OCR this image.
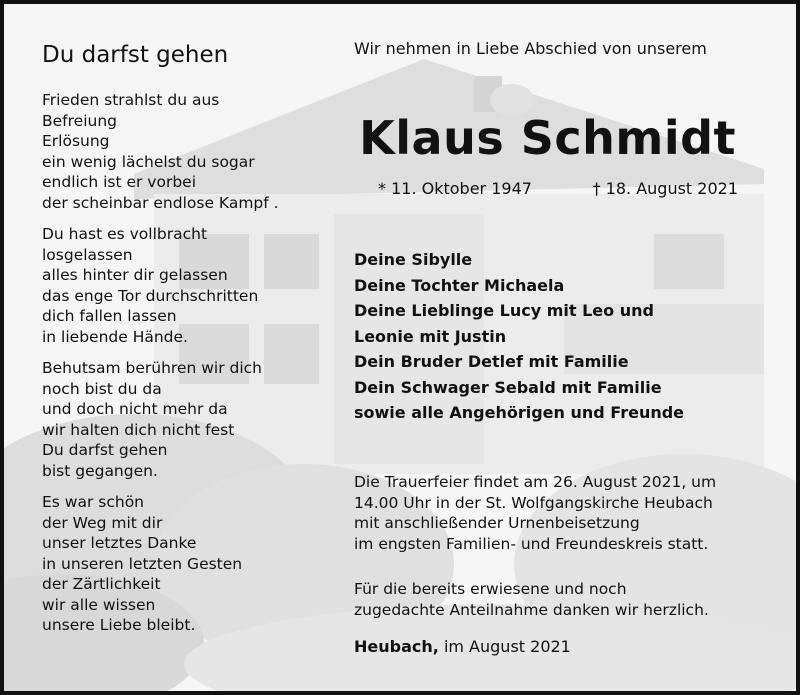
Du darfst gehen
Frieden strahlst du aus
Befreiung
Erlösung
ein wenig lächelst du sogar
endlich ist er vorbei
der scheinbar endlose Kampf .
Du hast es vollbracht
losgelassen
alles hinter dir gelassen
das enge Tor durchschritten
dich fallen lassen
in liebende Hände.
Behutsam berühren wir dich
noch bist du da
und doch nicht mehr da
wir halten dich nicht fest
Du darfst gehen
bist gegangen.
Es war schön
der Weg mit dir
unser letztes Danke
in unseren letzten Gesten
der Zärtlichkeit
wir alle wissen
unsere Liebe bleibt.
Wir nehmen in Liebe Abschied von unserem
Klaus Schmidt
* 11. Oktober 1947	† 18. August 2021
Deine Sibylle
Deine Tochter Michaela
Deine Lieblinge Lucy mit Leo und
Leonie mit Justin
Dein Bruder Detlef mit Familie
Dein Schwager Sebald mit Familie
sowie alle Angehörigen und Freunde
Die Trauerfeier findet am 26. August 2021, um
14.00 Uhr in der St. Wolfgangskirche Heubach
mit anschließender Urnenbeisetzung
im engsten Familien- und Freundeskreis statt.
Für die bereits erwiesene und noch
zugedachte Anteilnahme danken wir herzlich.
Heubach, im August 2021
